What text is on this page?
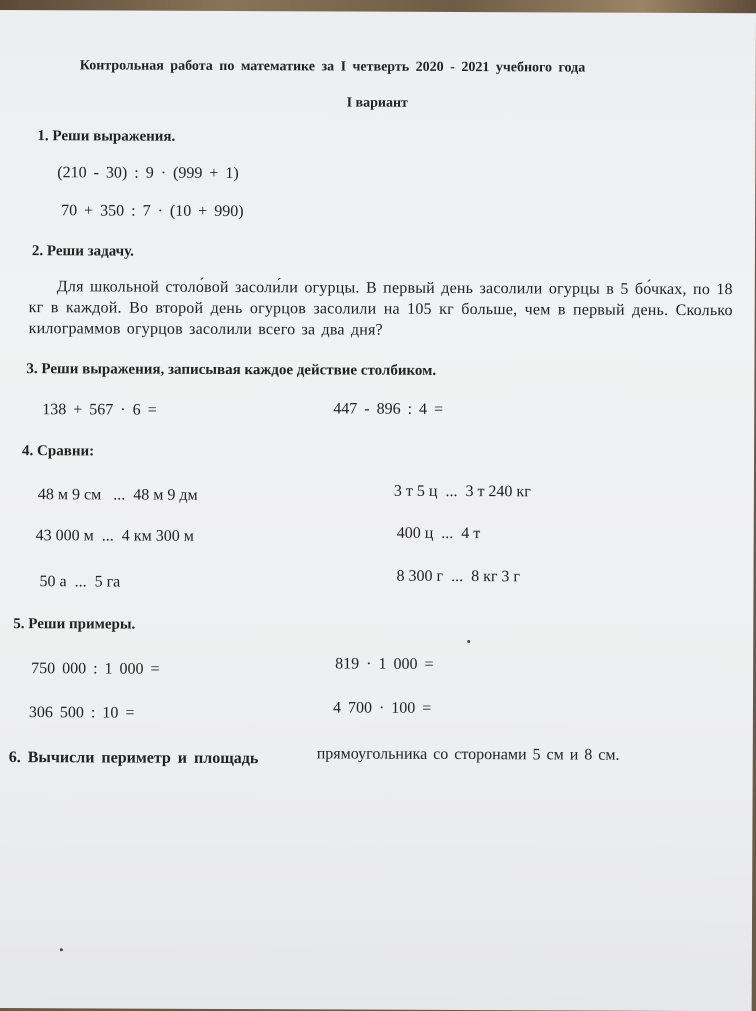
Контрольная работа по математике за I четверть 2020 - 2021 учебного года
I вариант
1. Реши выражения.
(210 - 30) : 9 · (999 + 1)
70 + 350 : 7 · (10 + 990)
2. Реши задачу.
Для школьной столо́вой засоли́ли огурцы. В первый день засолили огурцы в 5 бо́чках, по 18 кг в каждой. Во второй день огурцов засолили на 105 кг больше, чем в первый день. Сколько килограммов огурцов засолили всего за два дня?
3. Реши выражения, записывая каждое действие столбиком.
138 + 567 · 6 =	447 - 896 : 4 =
4. Сравни:
48 м 9 см   ...  48 м 9 дм
43 000 м  ...  4 км 300 м
50 а  ...  5 га
3 т 5 ц  ...  3 т 240 кг
400 ц  ...  4 т
8 300 г  ...  8 кг 3 г
5. Реши примеры.
750 000 : 1 000 =
306 500 : 10 =
819 · 1 000 =
4 700 · 100 =
6. Вычисли периметр и площадь	прямоугольника со сторонами 5 см и 8 см.
